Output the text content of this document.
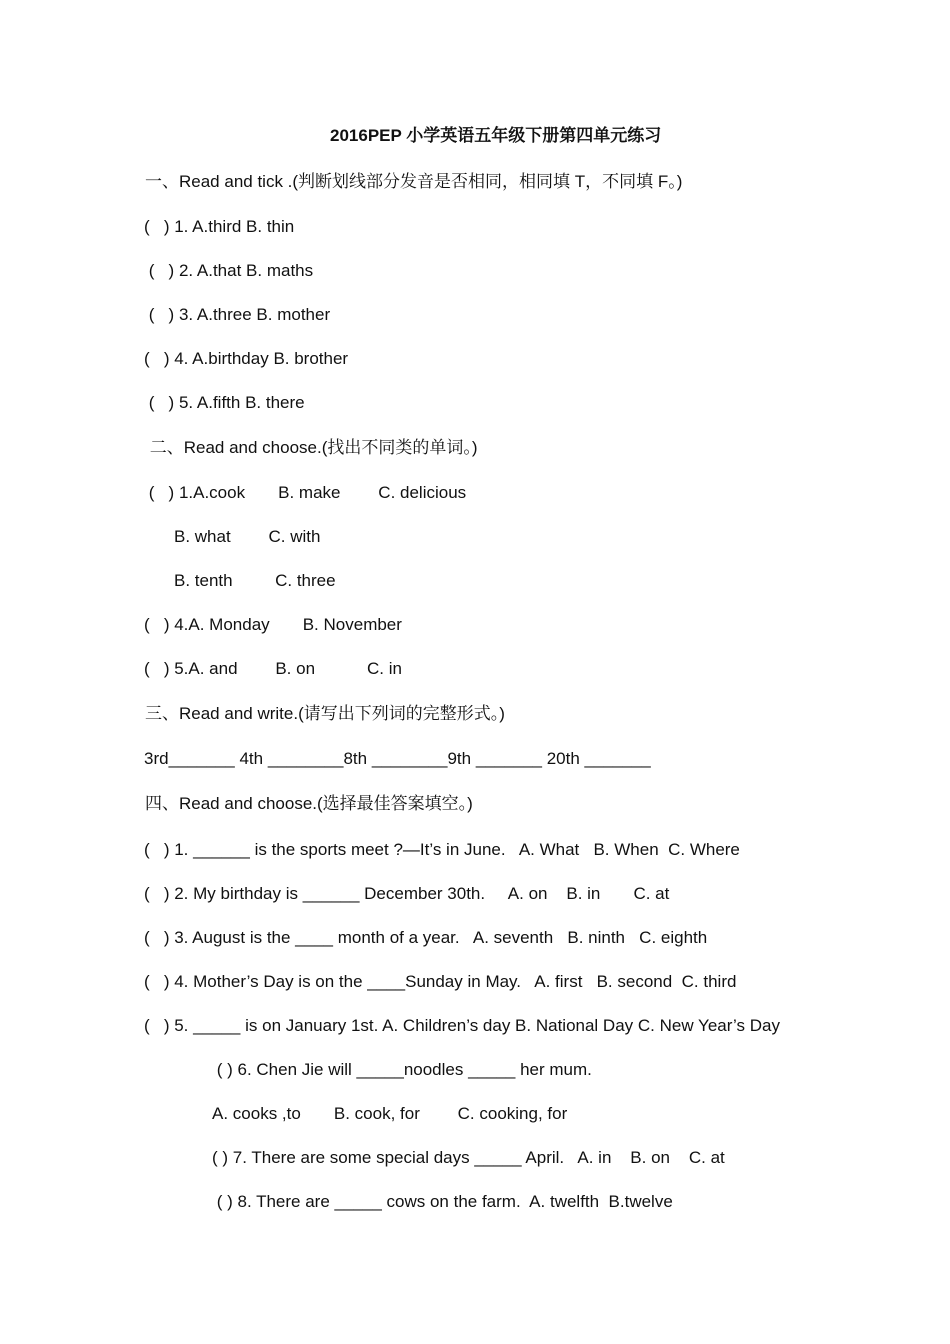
2016PEP 小学英语五年级下册第四单元练习
一、Read and tick .(判断划线部分发音是否相同，相同填 T，不同填 F。)
(   ) 1. A.third B. thin
(   ) 2. A.that B. maths
(   ) 3. A.three B. mother
(   ) 4. A.birthday B. brother
(   ) 5. A.fifth B. there
二、Read and choose.(找出不同类的单词。)
(   ) 1.A.cook       B. make        C. delicious
B. what        C. with
B. tenth         C. three
(   ) 4.A. Monday       B. November
(   ) 5.A. and        B. on           C. in
三、Read and write.(请写出下列词的完整形式。)
3rd_______ 4th ________8th ________9th _______ 20th _______
四、Read and choose.(选择最佳答案填空。)
(   ) 1. ______ is the sports meet ?—It’s in June.   A. What   B. When  C. Where
(   ) 2. My birthday is ______ December 30th.     A. on    B. in       C. at
(   ) 3. August is the ____ month of a year.   A. seventh   B. ninth   C. eighth
(   ) 4. Mother’s Day is on the ____Sunday in May.   A. first   B. second  C. third
(   ) 5. _____ is on January 1st. A. Children’s day B. National Day C. New Year’s Day
( ) 6. Chen Jie will _____noodles _____ her mum.
A. cooks ,to       B. cook, for        C. cooking, for
( ) 7. There are some special days _____ April.   A. in    B. on    C. at
( ) 8. There are _____ cows on the farm.  A. twelfth  B.twelve
